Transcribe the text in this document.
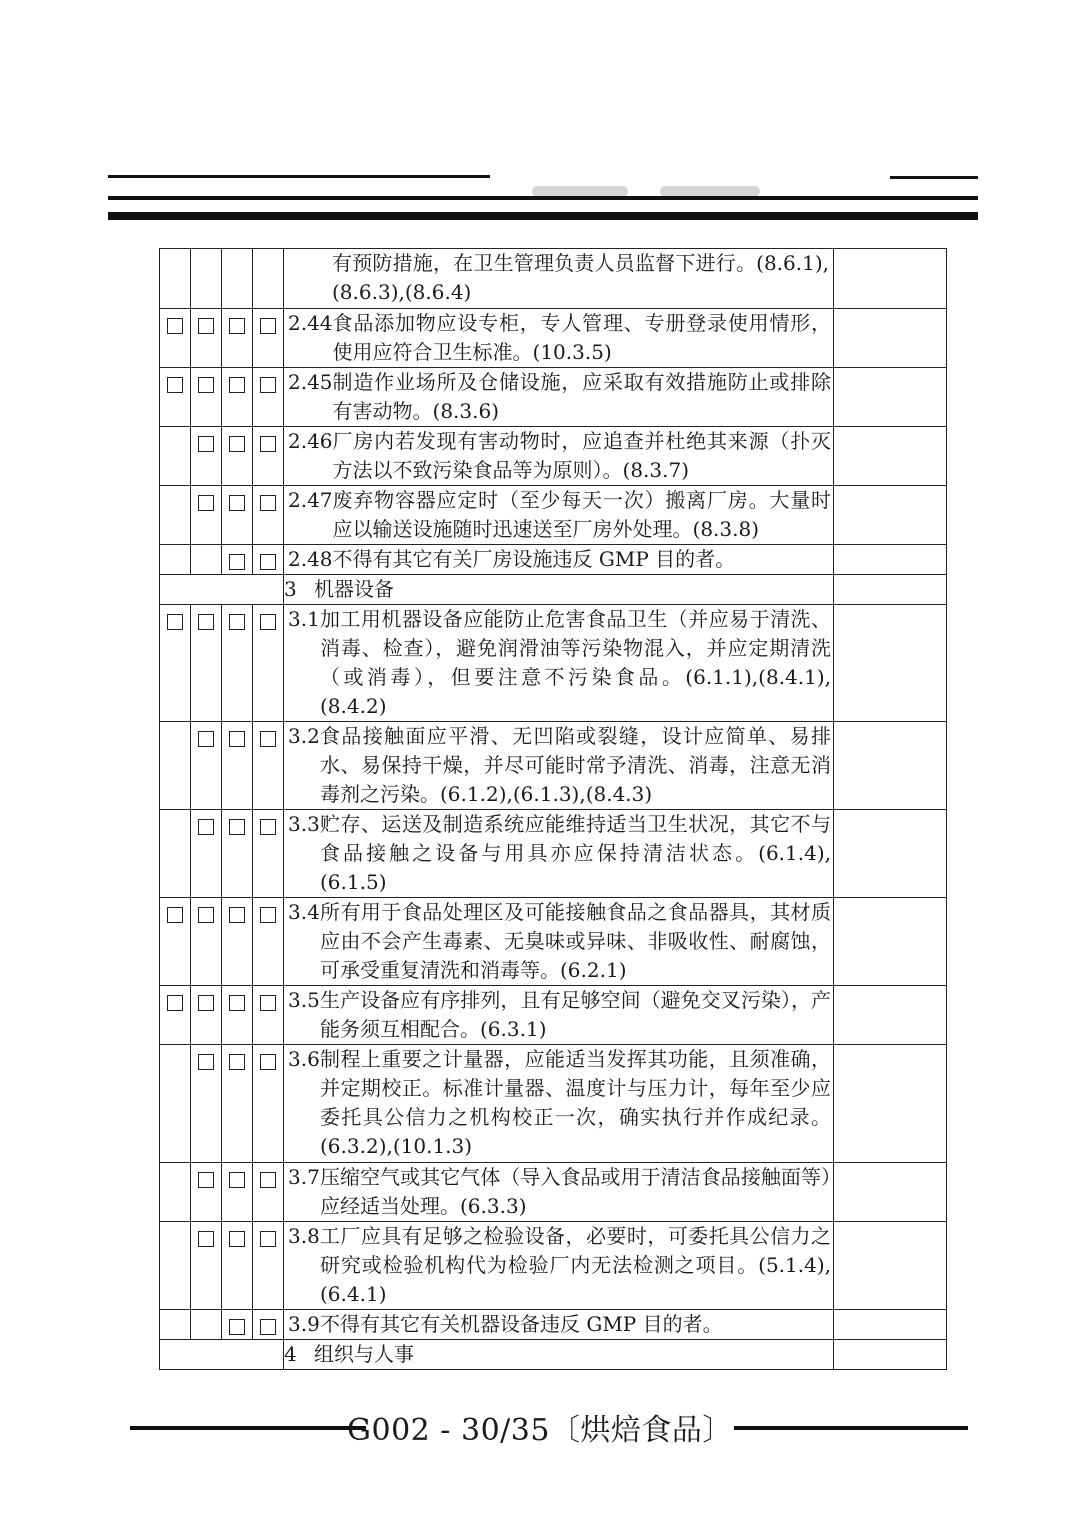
				有预防措施，在卫生管理负责人员监督下进行。(8.6.1),(8.6.3),(8.6.4)	

				2.44 食品添加物应设专柜，专人管理、专册登录使用情形，使用应符合卫生标准。(10.3.5)	

				2.45 制造作业场所及仓储设施，应采取有效措施防止或排除有害动物。(8.3.6)	

				2.46 厂房内若发现有害动物时，应追查并杜绝其来源（扑灭方法以不致污染食品等为原则）。(8.3.7)	

				2.47 废弃物容器应定时（至少每天一次）搬离厂房。大量时应以输送设施随时迅速送至厂房外处理。(8.3.8)	

				2.48 不得有其它有关厂房设施违反 GMP 目的者。	

				3 机器设备	

				3.1 加工用机器设备应能防止危害食品卫生（并应易于清洗、消毒、检查），避免润滑油等污染物混入，并应定期清洗（或消毒），但要注意不污染食品。(6.1.1),(8.4.1),(8.4.2)	

				3.2 食品接触面应平滑、无凹陷或裂缝，设计应简单、易排水、易保持干燥，并尽可能时常予清洗、消毒，注意无消毒剂之污染。(6.1.2),(6.1.3),(8.4.3)	

				3.3 贮存、运送及制造系统应能维持适当卫生状况，其它不与食品接触之设备与用具亦应保持清洁状态。(6.1.4),(6.1.5)	

				3.4 所有用于食品处理区及可能接触食品之食品器具，其材质应由不会产生毒素、无臭味或异味、非吸收性、耐腐蚀，可承受重复清洗和消毒等。(6.2.1)	

				3.5 生产设备应有序排列，且有足够空间（避免交叉污染），产能务须互相配合。(6.3.1)	

				3.6 制程上重要之计量器，应能适当发挥其功能，且须准确，并定期校正。标准计量器、温度计与压力计，每年至少应委托具公信力之机构校正一次，确实执行并作成纪录。(6.3.2),(10.1.3)	

				3.7 压缩空气或其它气体（导入食品或用于清洁食品接触面等）应经适当处理。(6.3.3)	

				3.8 工厂应具有足够之检验设备，必要时，可委托具公信力之研究或检验机构代为检验厂内无法检测之项目。(5.1.4),(6.4.1)	

				3.9 不得有其它有关机器设备违反 GMP 目的者。	

				4 组织与人事	
G002 - 30/35〔烘焙食品〕
